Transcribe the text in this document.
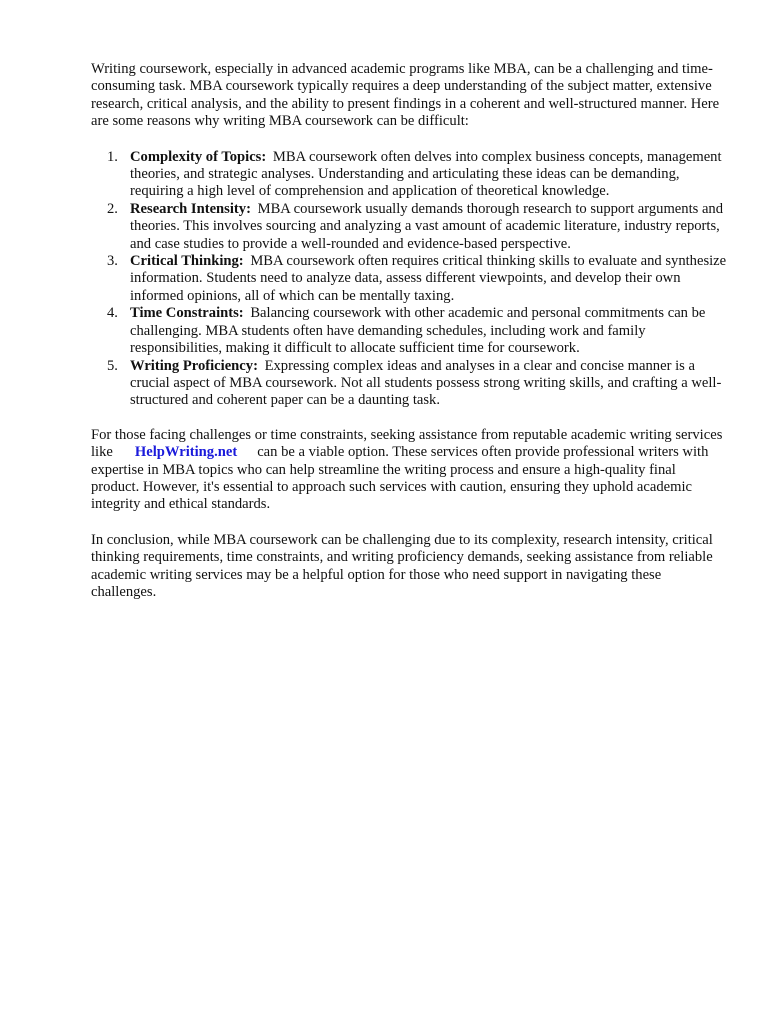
Writing coursework, especially in advanced academic programs like MBA, can be a challenging and time-consuming task. MBA coursework typically requires a deep understanding of the subject matter, extensive research, critical analysis, and the ability to present findings in a coherent and well-structured manner. Here are some reasons why writing MBA coursework can be difficult:

1. Complexity of Topics: MBA coursework often delves into complex business concepts, management theories, and strategic analyses. Understanding and articulating these ideas can be demanding, requiring a high level of comprehension and application of theoretical knowledge.
2. Research Intensity: MBA coursework usually demands thorough research to support arguments and theories. This involves sourcing and analyzing a vast amount of academic literature, industry reports, and case studies to provide a well-rounded and evidence-based perspective.
3. Critical Thinking: MBA coursework often requires critical thinking skills to evaluate and synthesize information. Students need to analyze data, assess different viewpoints, and develop their own informed opinions, all of which can be mentally taxing.
4. Time Constraints: Balancing coursework with other academic and personal commitments can be challenging. MBA students often have demanding schedules, including work and family responsibilities, making it difficult to allocate sufficient time for coursework.
5. Writing Proficiency: Expressing complex ideas and analyses in a clear and concise manner is a crucial aspect of MBA coursework. Not all students possess strong writing skills, and crafting a well-structured and coherent paper can be a daunting task.

For those facing challenges or time constraints, seeking assistance from reputable academic writing services like HelpWriting.net can be a viable option. These services often provide professional writers with expertise in MBA topics who can help streamline the writing process and ensure a high-quality final product. However, it's essential to approach such services with caution, ensuring they uphold academic integrity and ethical standards.

In conclusion, while MBA coursework can be challenging due to its complexity, research intensity, critical thinking requirements, time constraints, and writing proficiency demands, seeking assistance from reliable academic writing services may be a helpful option for those who need support in navigating these challenges.
